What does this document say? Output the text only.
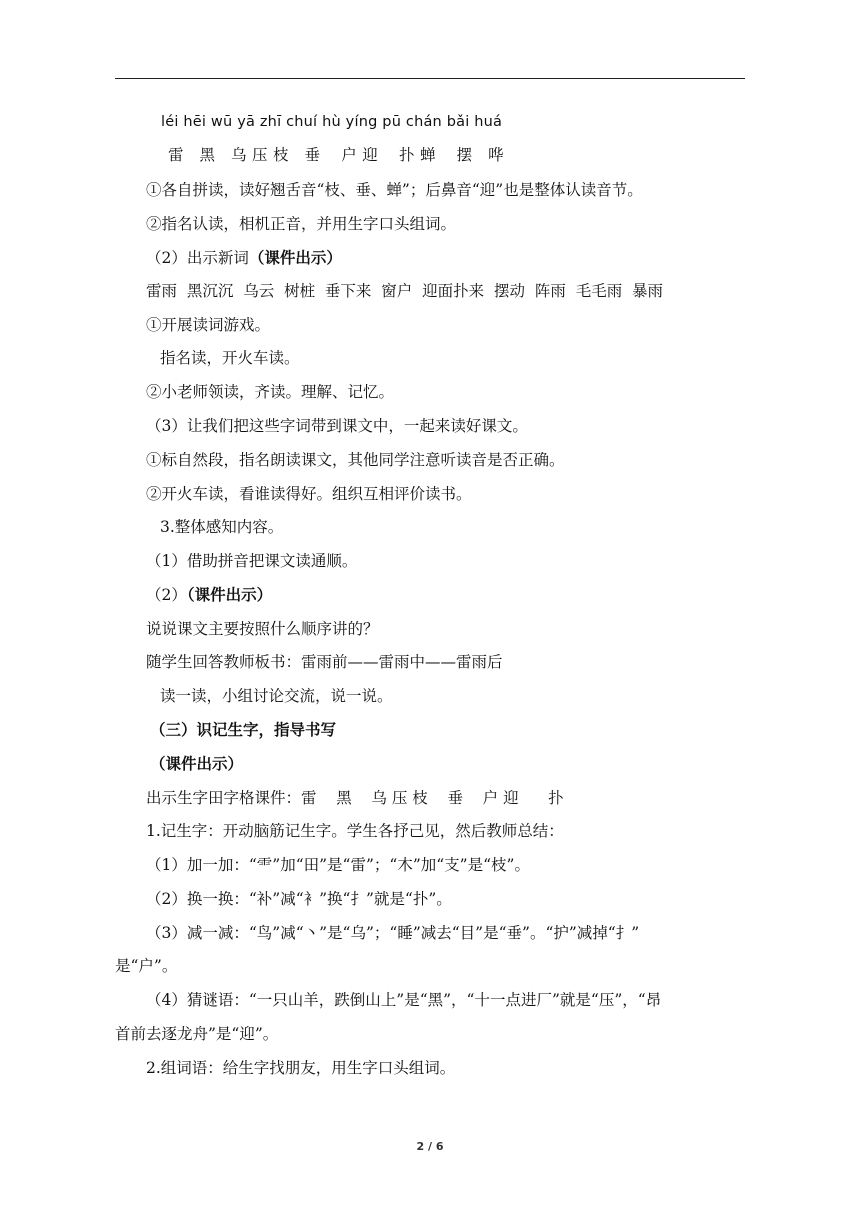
léi hēi wū yā zhī chuí hù yíng pū chán bǎi huá
雷   黑   乌 压 枝   垂    户 迎    扑 蝉    摆   哗
①各自拼读，读好翘舌音“枝、垂、蝉”；后鼻音“迎”也是整体认读音节。
②指名认读，相机正音，并用生字口头组词。
（2）出示新词（课件出示）
雷雨  黑沉沉  乌云  树桩  垂下来  窗户  迎面扑来  摆动  阵雨  毛毛雨  暴雨
①开展读词游戏。
指名读，开火车读。
②小老师领读，齐读。理解、记忆。
（3）让我们把这些字词带到课文中，一起来读好课文。
①标自然段，指名朗读课文，其他同学注意听读音是否正确。
②开火车读，看谁读得好。组织互相评价读书。
3.整体感知内容。
（1）借助拼音把课文读通顺。
（2）（课件出示）
说说课文主要按照什么顺序讲的？
随学生回答教师板书：雷雨前——雷雨中——雷雨后
读一读，小组讨论交流，说一说。
（三）识记生字，指导书写
（课件出示）
出示生字田字格课件：雷    黑    乌 压 枝    垂    户 迎      扑
1.记生字：开动脑筋记生字。学生各抒己见，然后教师总结：
（1）加一加：“⻗”加“田”是“雷”；“木”加“支”是“枝”。
（2）换一换：“补”减“衤”换“扌”就是“扑”。
（3）减一减：“鸟”减“丶”是“乌”；“睡”减去“目”是“垂”。“护”减掉“扌”
是“户”。
（4）猜谜语：“一只山羊，跌倒山上”是“黑”，“十一点进厂”就是“压”，“昂
首前去逐龙舟”是“迎”。
2.组词语：给生字找朋友，用生字口头组词。
2 / 6
